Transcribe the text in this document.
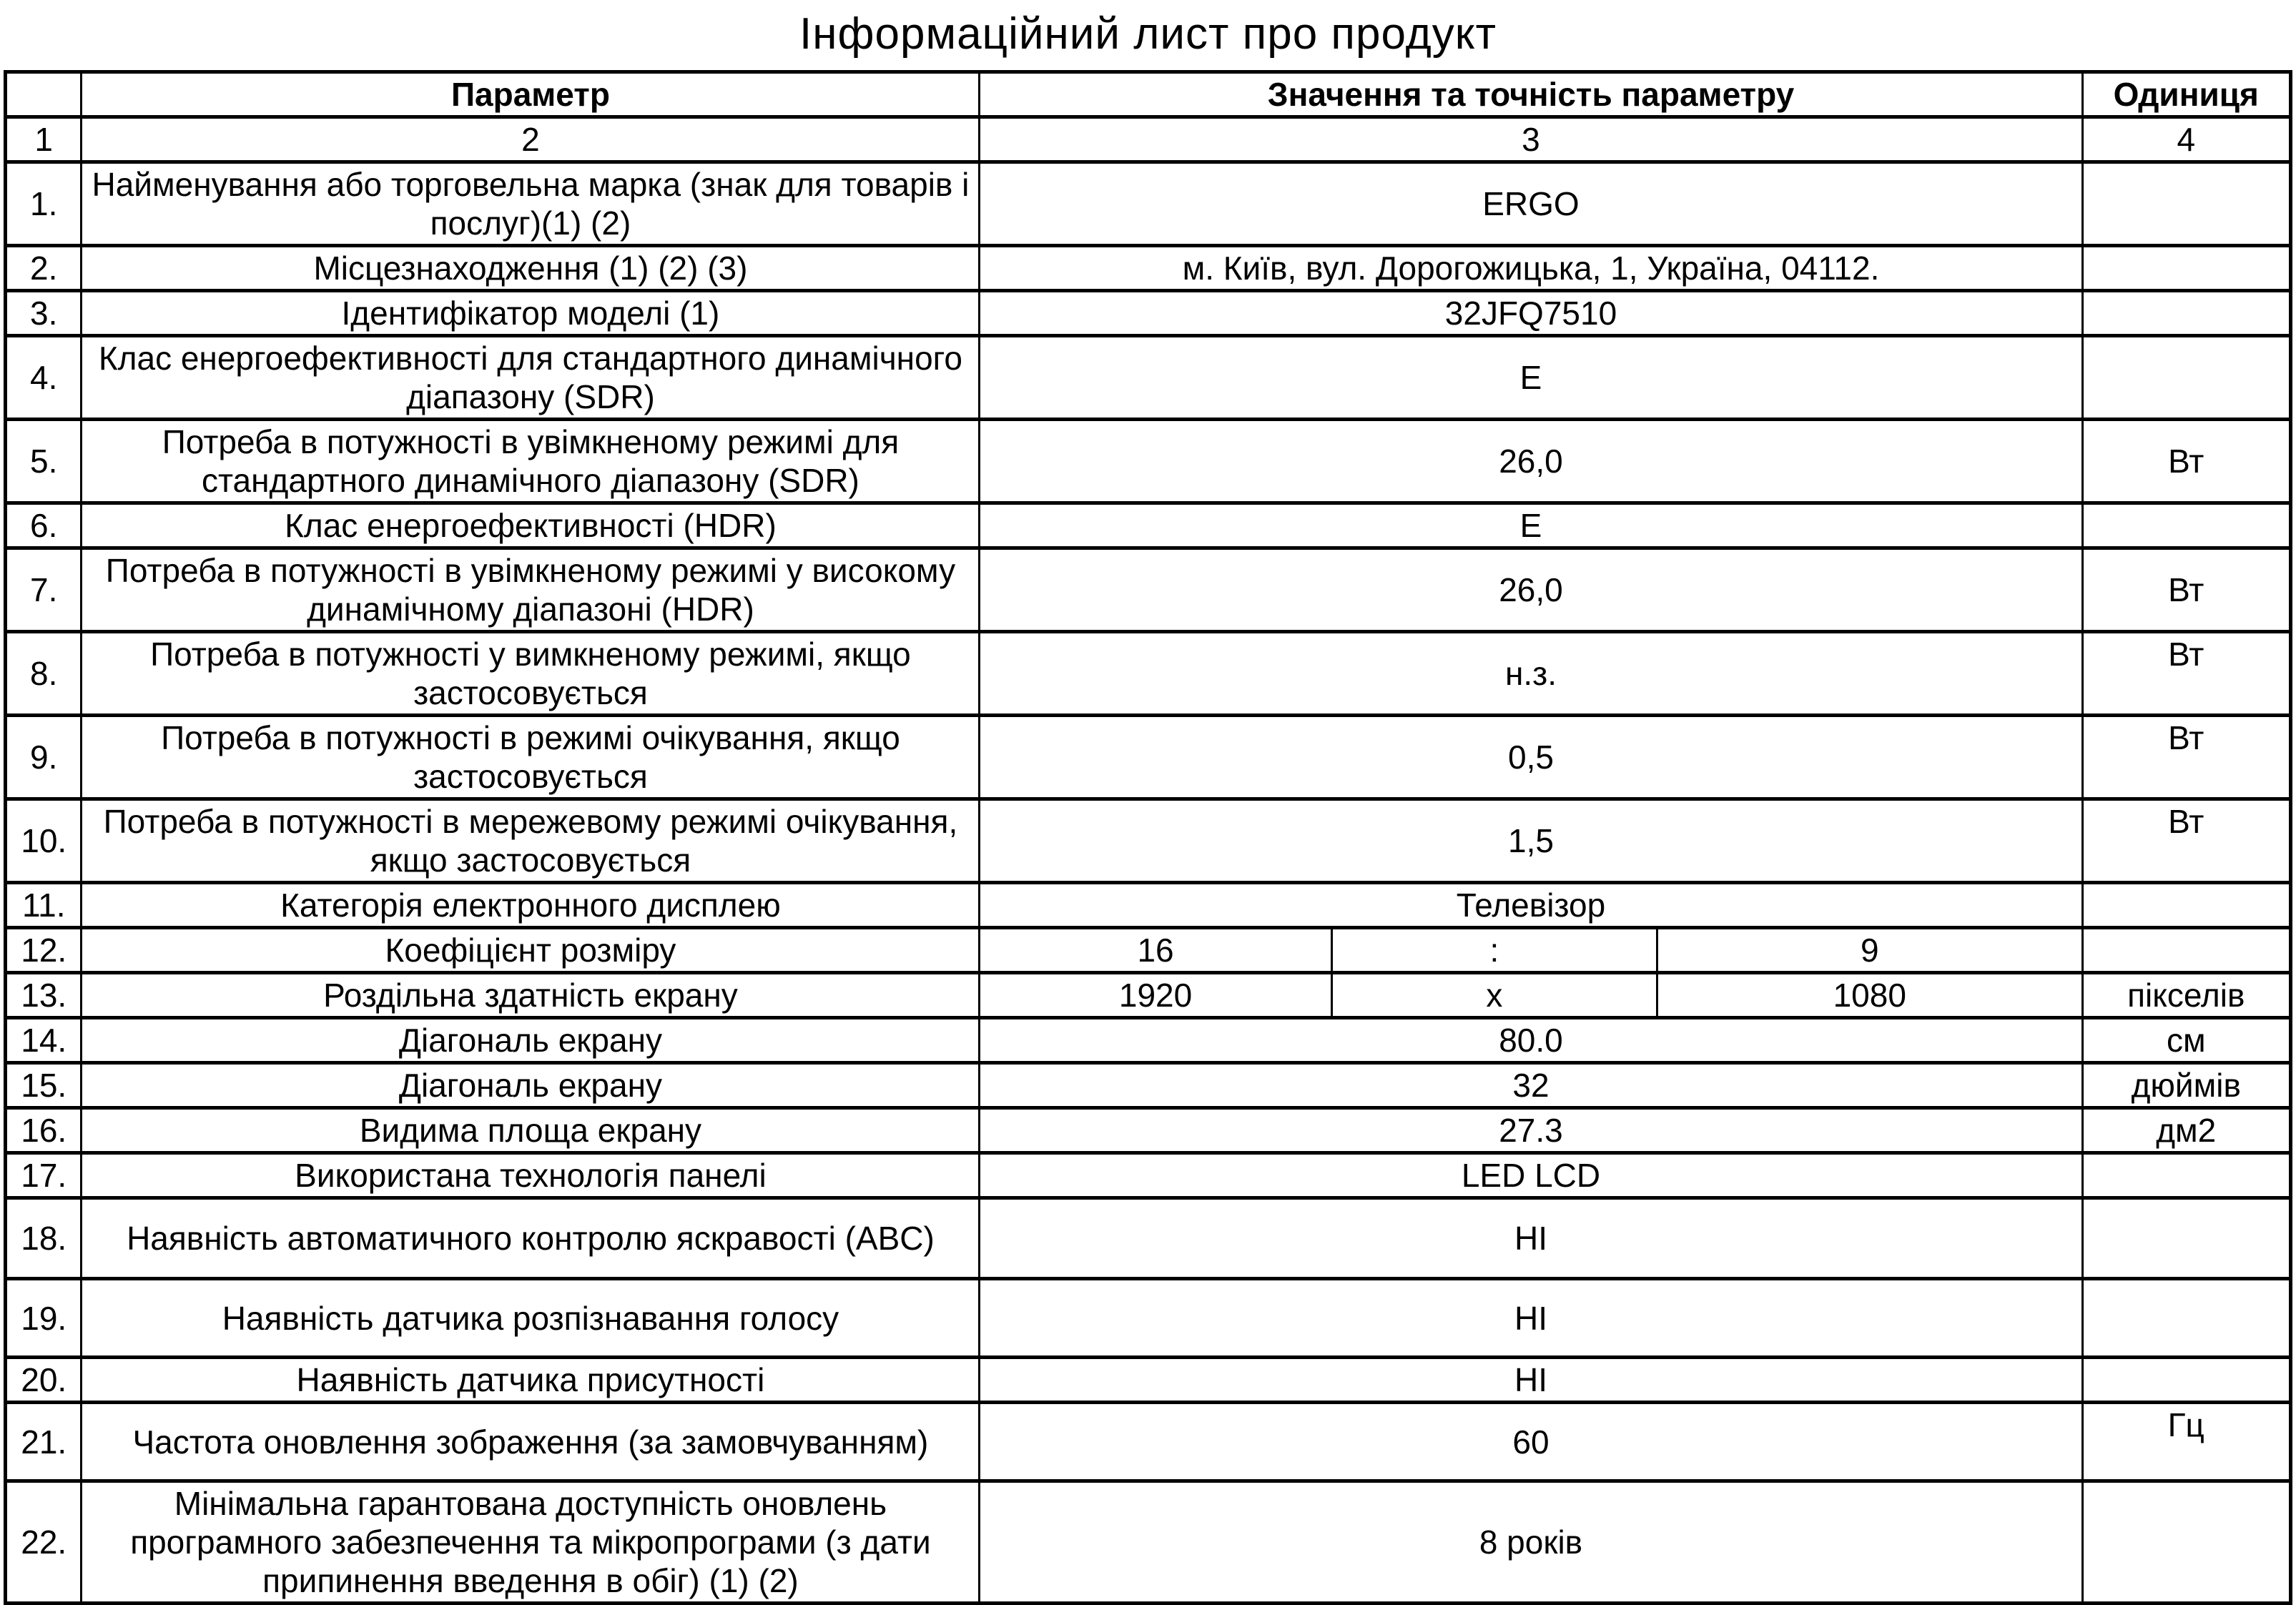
Інформаційний лист про продукт
	Параметр	Значення та точність параметру			Одиниця
1	2	3			4
1.	Найменування або торговельна марка (знак для товарів і послуг)(1) (2)	ERGO			
2.	Місцезнаходження (1) (2) (3)	м. Київ, вул. Дорогожицька, 1, Україна, 04112.			
3.	Ідентифікатор моделі (1)	32JFQ7510			
4.	Клас енергоефективності для стандартного динамічного діапазону (SDR)	E			
5.	Потреба в потужності в увімкненому режимі для стандартного динамічного діапазону (SDR)	26,0			Вт
6.	Клас енергоефективності (HDR)	E			
7.	Потреба в потужності в увімкненому режимі у високому динамічному діапазоні (HDR)	26,0			Вт
8.	Потреба в потужності у вимкненому режимі, якщо застосовується	н.з.			Вт
9.	Потреба в потужності в режимі очікування, якщо застосовується	0,5			Вт
10.	Потреба в потужності в мережевому режимі очікування, якщо застосовується	1,5			Вт
11.	Категорія електронного дисплею	Телевізор			
12.	Коефіцієнт розміру	16	:	9	
13.	Роздільна здатність екрану	1920	х	1080	пікселів
14.	Діагональ екрану	80.0			см
15.	Діагональ екрану	32			дюймів
16.	Видима площа екрану	27.3			дм2
17.	Використана технологія панелі	LED LCD			
18.	Наявність автоматичного контролю яскравості (ABC)	НІ			
19.	Наявність датчика розпізнавання голосу	НІ			
20.	Наявність датчика присутності	НІ			
21.	Частота оновлення зображення (за замовчуванням)	60			Гц
22.	Мінімальна гарантована доступність оновлень програмного забезпечення та мікропрограми (з дати припинення введення в обіг) (1) (2)	8 років			
